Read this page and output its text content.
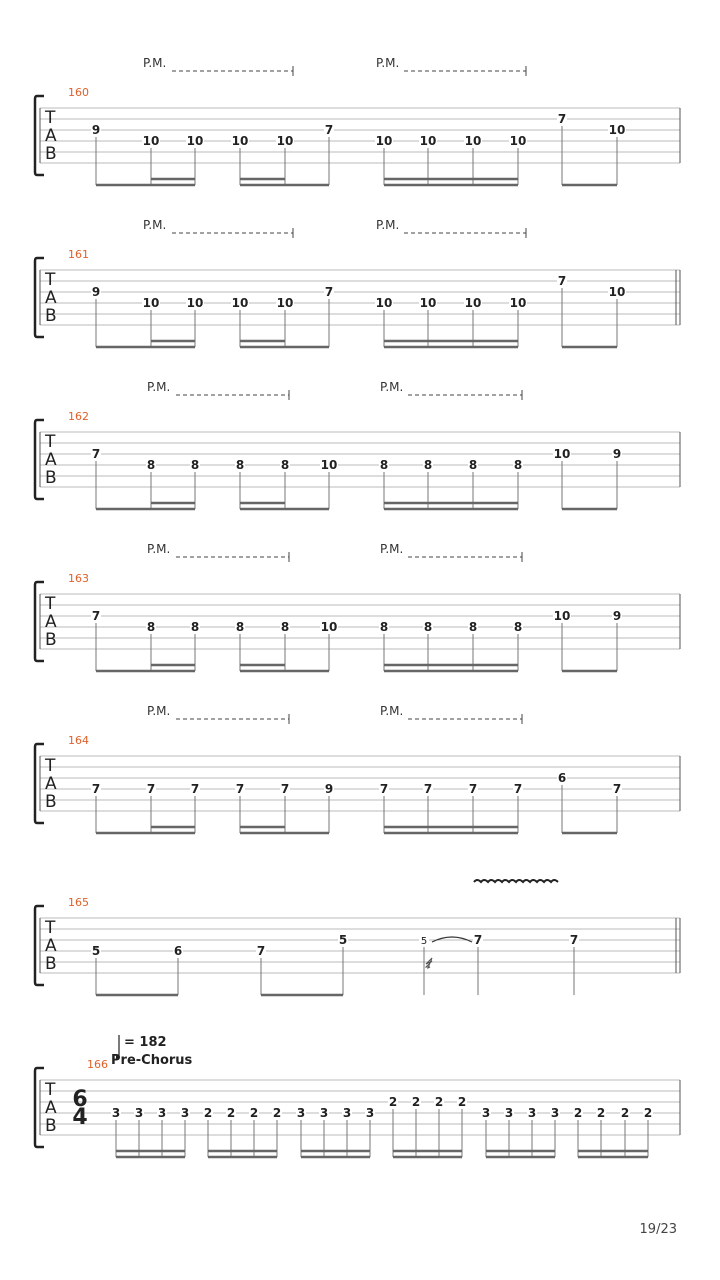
T
A
B
160
P.M.	P.M.
9
10 10 10 10
7
10 10 10 10
7
10
T
A
B
161
P.M.	P.M.
9
10 10 10 10
7
10 10 10 10
7
10
T
A
B
162
P.M.	P.M.
7
8	8	8	8	10	8	8	8	8
10	9
T
A
B
163
P.M.	P.M.
7
8	8	8	8	10	8	8	8	8
10	9
T
A
B
164
P.M.	P.M.
7	7	7	7	7	9	7	7	7	7
6
7
T
A
B
165
5	6	7
5	5	7	7
T
A
B
166
3 3 3 3 2 2 2 2 3 3 3 3
2 2 2 2
3 3 3 3 2 2 2 2
6
4
= 182
Pre-Chorus
19/23
